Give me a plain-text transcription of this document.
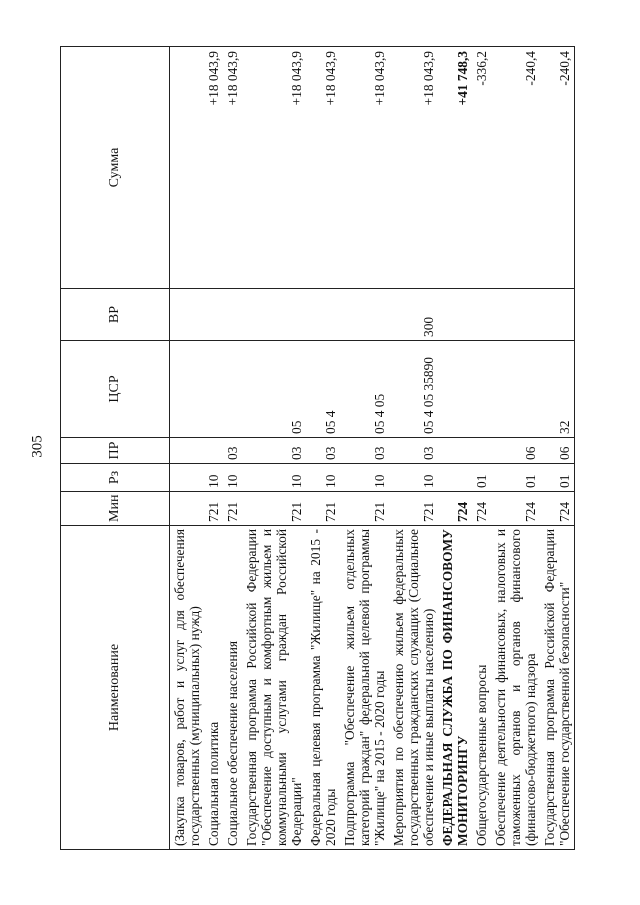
305
Наименование	Мин	Рз	ПР	ЦСР	ВР	Сумма
(Закупка товаров, работ и услуг для обеспечения государственных (муниципальных) нужд)						
Социальная политика	721	10				+18 043,9
Социальное обеспечение населения	721	10	03			+18 043,9
Государственная программа Российской Федерации "Обеспечение доступным и комфортным жильем и коммунальными услугами граждан Российской Федерации"	721	10	03	05		+18 043,9
Федеральная целевая программа "Жилище" на 2015 - 2020 годы	721	10	03	05 4		+18 043,9
Подпрограмма "Обеспечение жильем отдельных категорий граждан" федеральной целевой программы "Жилище" на 2015 - 2020 годы	721	10	03	05 4 05		+18 043,9
Мероприятия по обеспечению жильем федеральных государственных гражданских служащих (Социальное обеспечение и иные выплаты населению)	721	10	03	05 4 05 35890	300	+18 043,9
ФЕДЕРАЛЬНАЯ СЛУЖБА ПО ФИНАНСОВОМУ МОНИТОРИНГУ	724					+41 748,3
Общегосударственные вопросы	724	01				-336,2
Обеспечение деятельности финансовых, налоговых и таможенных органов и органов финансового (финансово-бюджетного) надзора	724	01	06			-240,4
Государственная программа Российской Федерации "Обеспечение государственной безопасности"	724	01	06	32		-240,4
